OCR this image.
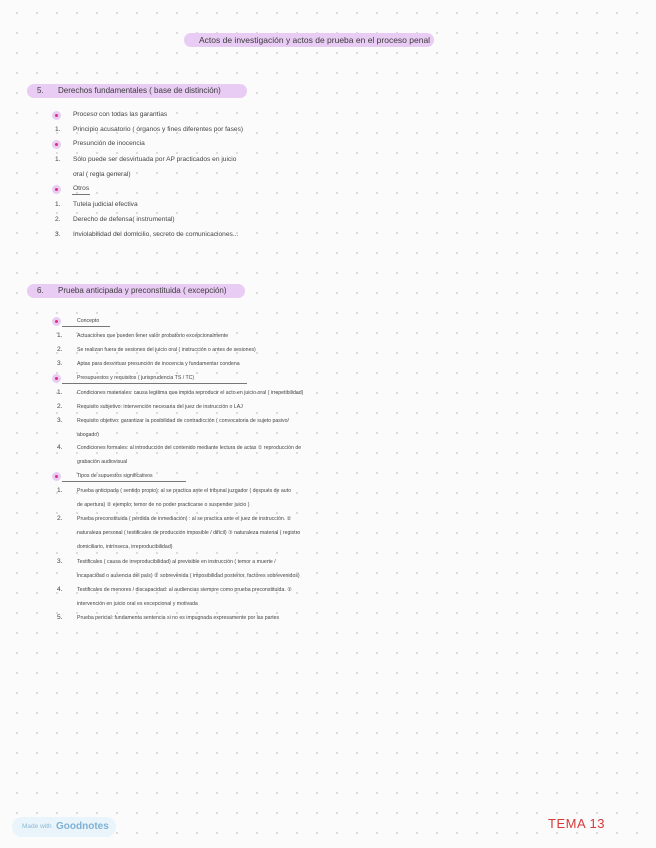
Actos de investigación y actos de prueba en el proceso penal
5. Derechos fundamentales ( base de distinción)
Proceso con todas las garantías
1. Principio acusatorio ( órganos y fines diferentes por fases)
Presunción de inocencia
1. Sólo puede ser desvirtuada por AP practicados en juicio
oral ( regla general)
Otros
1. Tutela judicial efectiva
2. Derecho de defensa( instrumental)
3. Inviolabilidad del domicilio, secreto de comunicaciones...
6. Prueba anticipada y preconstituida ( excepción)
Concepto
1.	Actuaciones que pueden tener valor probatorio excepcionalmente
2.	Se realizan fuera de sesiones del juicio oral ( instrucción o antes de sesiones)
3.	Aptas para desvirtuar presunción de inocencia y fundamentar condena
Presupuestos y requisitos ( jurisprudencia TS / TC)
1.	Condiciones materiales: causa legítima que impida reproducir el acto en juicio oral ( irrepetibilidad)
2.	Requisito subjetivo: intervención necesaria del juez de instrucción o LAJ
3.	Requisito objetivo: garantizar la posibilidad de contradicción ( convocatoria de sujeto pasivo/
abogado)
4.	Condiciones formales: al introducción del contenido mediante lectura de actas ① reproducción de
grabación audiovisual
Tipos de supuestos significativos
1.	Prueba anticipada ( sentido propio): al se practica ante el tribunal juzgador ( después de auto
de apertura) ② ejemplo; temor de no poder practicarse o suspender juicio )
2.	Prueba preconstituida ( pérdida de inmediación) : al se practica ante el juez de instrucción. ②
naturaleza personal ( testificales de producción imposible / difícil) ③ naturaleza material ( registro
domiciliario, intrínseca, irreproducibilidad)
3.	Testificales ( causa de irreproducibilidad) al previsible en instrucción ( temor a muerte /
incapacidad o ausencia del país) ② sobrevenida ( imposibilidad posterior, factores sobrevenidos)
4.	Testificales de menores / discapacidad: al audiencias siempre como prueba preconstituida. ②
intervención en juicio oral es excepcional y motivada
5.	Prueba pericial: fundamenta sentencia si no es impugnada expresamente por las partes
Made with Goodnotes	TEMA 13
